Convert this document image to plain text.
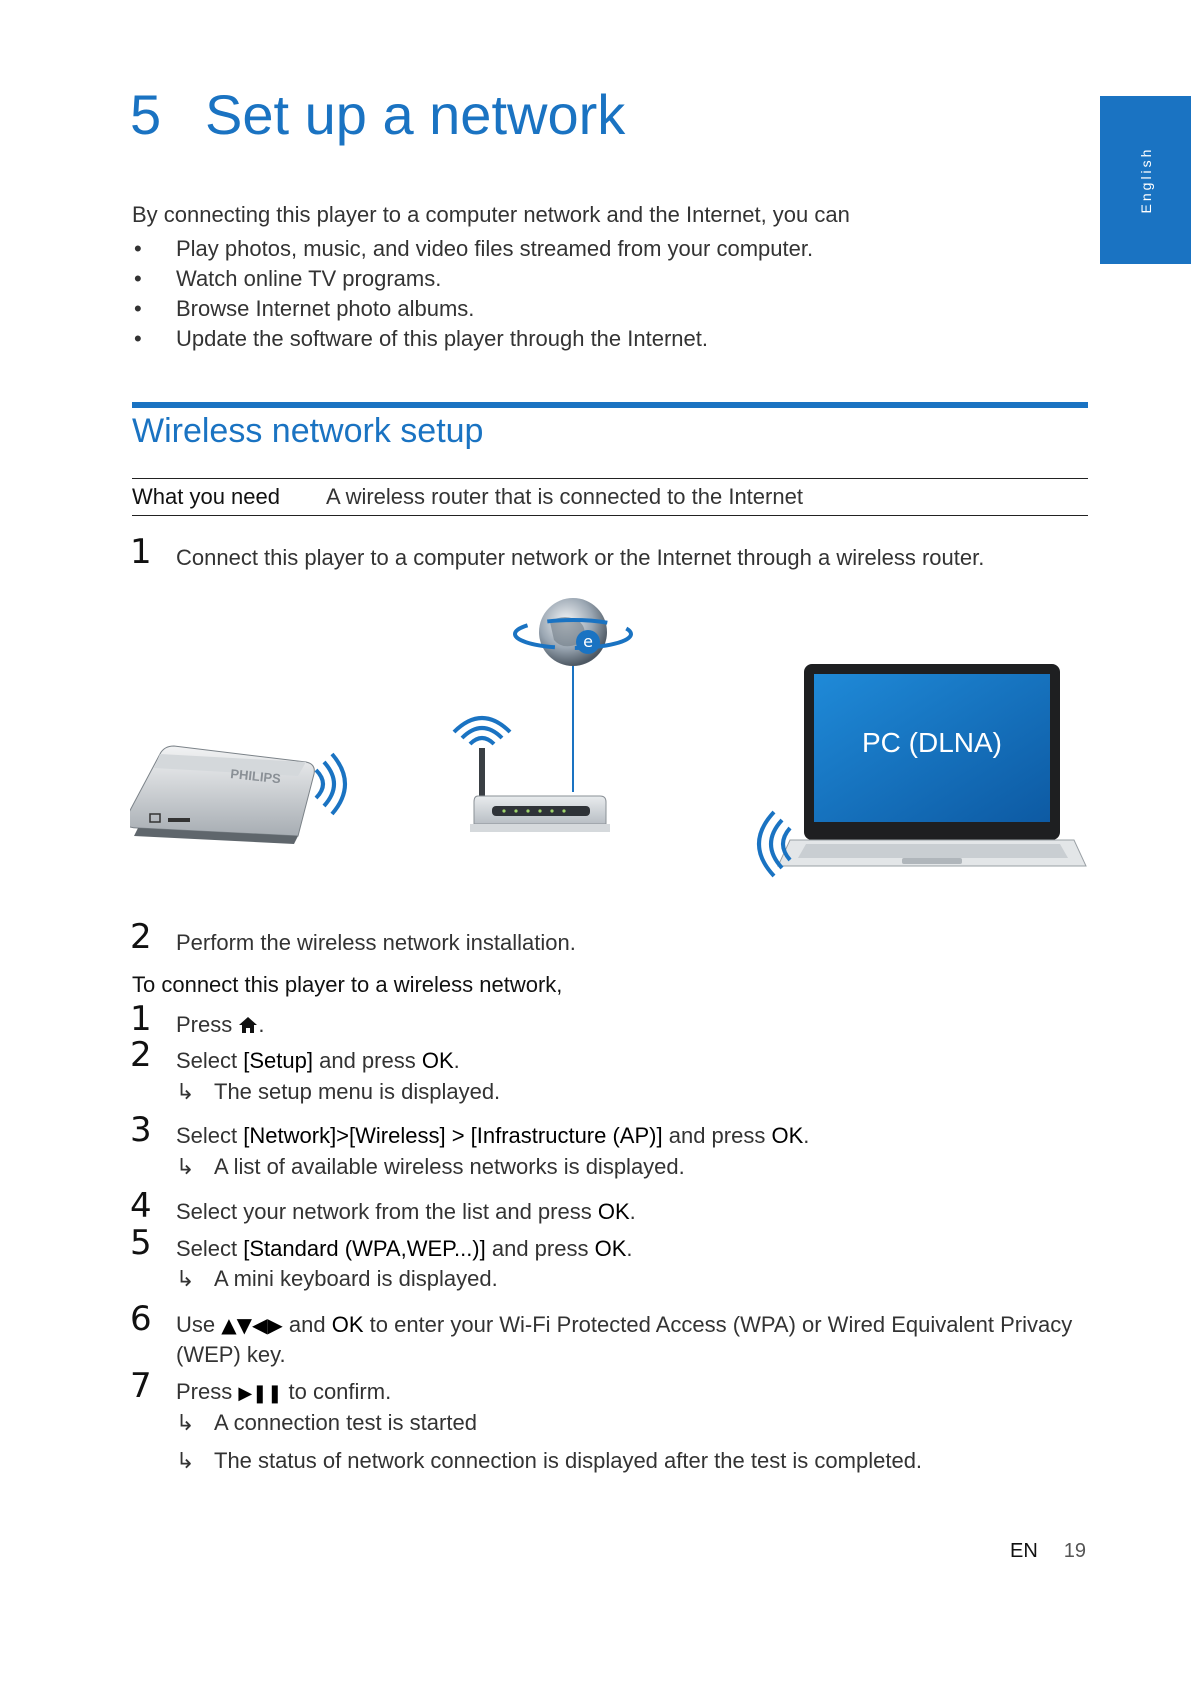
English
5 Set up a network

By connecting this player to a computer network and the Internet, you can

• Play photos, music, and video files streamed from your computer.
• Watch online TV programs.
• Browse Internet photo albums.
• Update the software of this player through the Internet.
Wireless network setup
What you need A wireless router that is connected to the Internet
1 Connect this player to a computer network or the Internet through a wireless router.
e
PHILIPS
PC (DLNA)
2 Perform the wireless network installation.
To connect this player to a wireless network,
1 Press .
2 Select [Setup] and press OK.
↳ The setup menu is displayed.
3 Select [Network]>[Wireless] > [Infrastructure (AP)] and press OK.
↳ A list of available wireless networks is displayed.
4 Select your network from the list and press OK.
5 Select [Standard (WPA,WEP...)] and press OK.
↳ A mini keyboard is displayed.
6 Use ▲▼◀▶ and OK to enter your Wi-Fi Protected Access (WPA) or Wired Equivalent Privacy (WEP) key.
7 Press ▶❚❚ to confirm.
↳ A connection test is started
↳ The status of network connection is displayed after the test is completed.
EN 19
